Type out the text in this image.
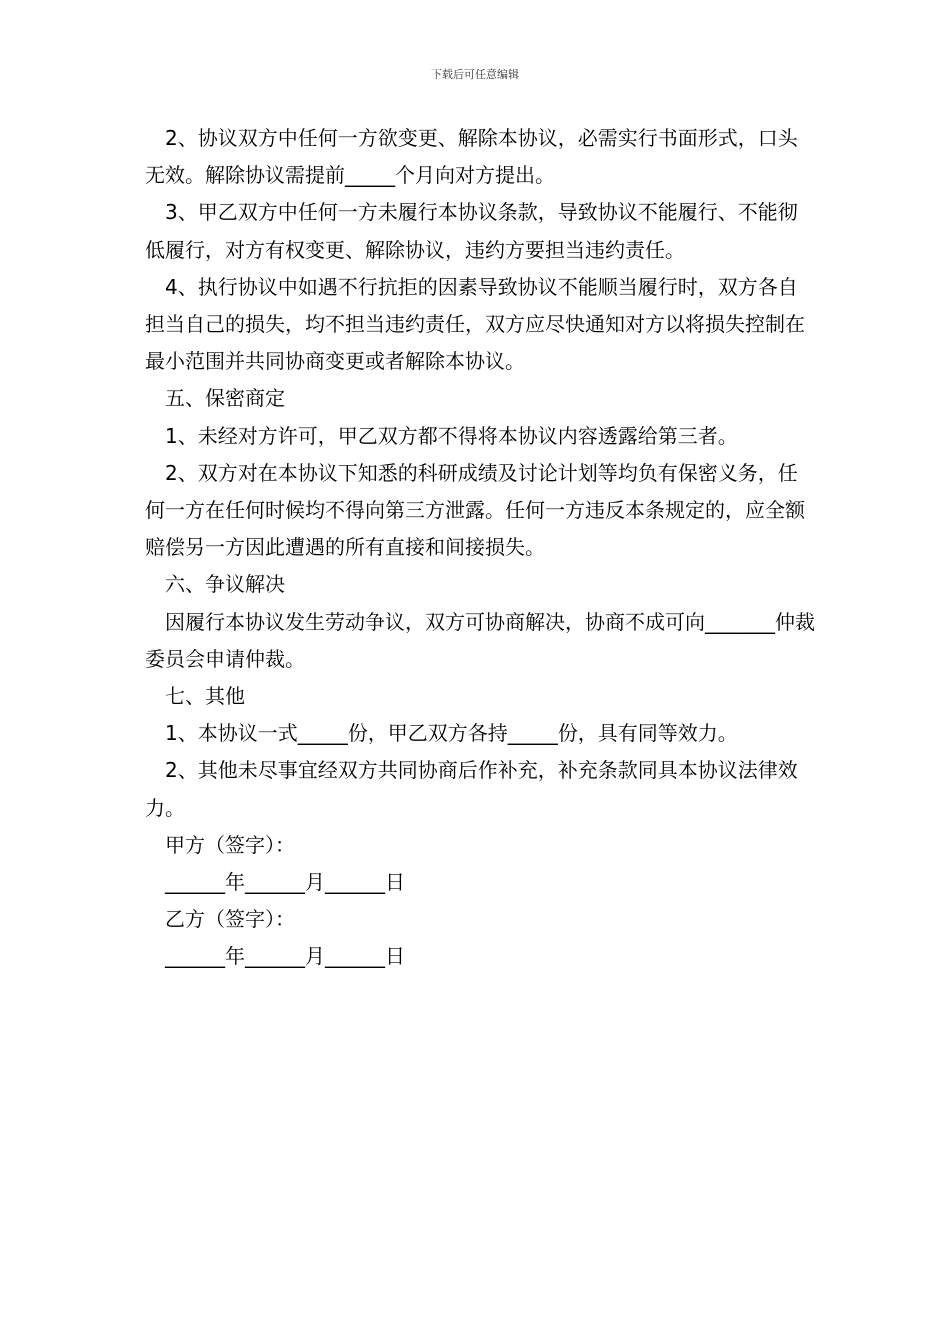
下载后可任意编辑

2、协议双方中任何一方欲变更、解除本协议，必需实行书面形式，口头无效。解除协议需提前_____个月向对方提出。

3、甲乙双方中任何一方未履行本协议条款，导致协议不能履行、不能彻低履行，对方有权变更、解除协议，违约方要担当违约责任。

4、执行协议中如遇不行抗拒的因素导致协议不能顺当履行时，双方各自担当自己的损失，均不担当违约责任，双方应尽快通知对方以将损失控制在最小范围并共同协商变更或者解除本协议。

五、保密商定

1、未经对方许可，甲乙双方都不得将本协议内容透露给第三者。

2、双方对在本协议下知悉的科研成绩及讨论计划等均负有保密义务，任何一方在任何时候均不得向第三方泄露。任何一方违反本条规定的，应全额赔偿另一方因此遭遇的所有直接和间接损失。

六、争议解决

因履行本协议发生劳动争议，双方可协商解决，协商不成可向_______仲裁委员会申请仲裁。

七、其他

1、本协议一式_____份，甲乙双方各持_____份，具有同等效力。

2、其他未尽事宜经双方共同协商后作补充，补充条款同具本协议法律效力。

甲方（签字）：

______年______月______日

乙方（签字）：

______年______月______日
